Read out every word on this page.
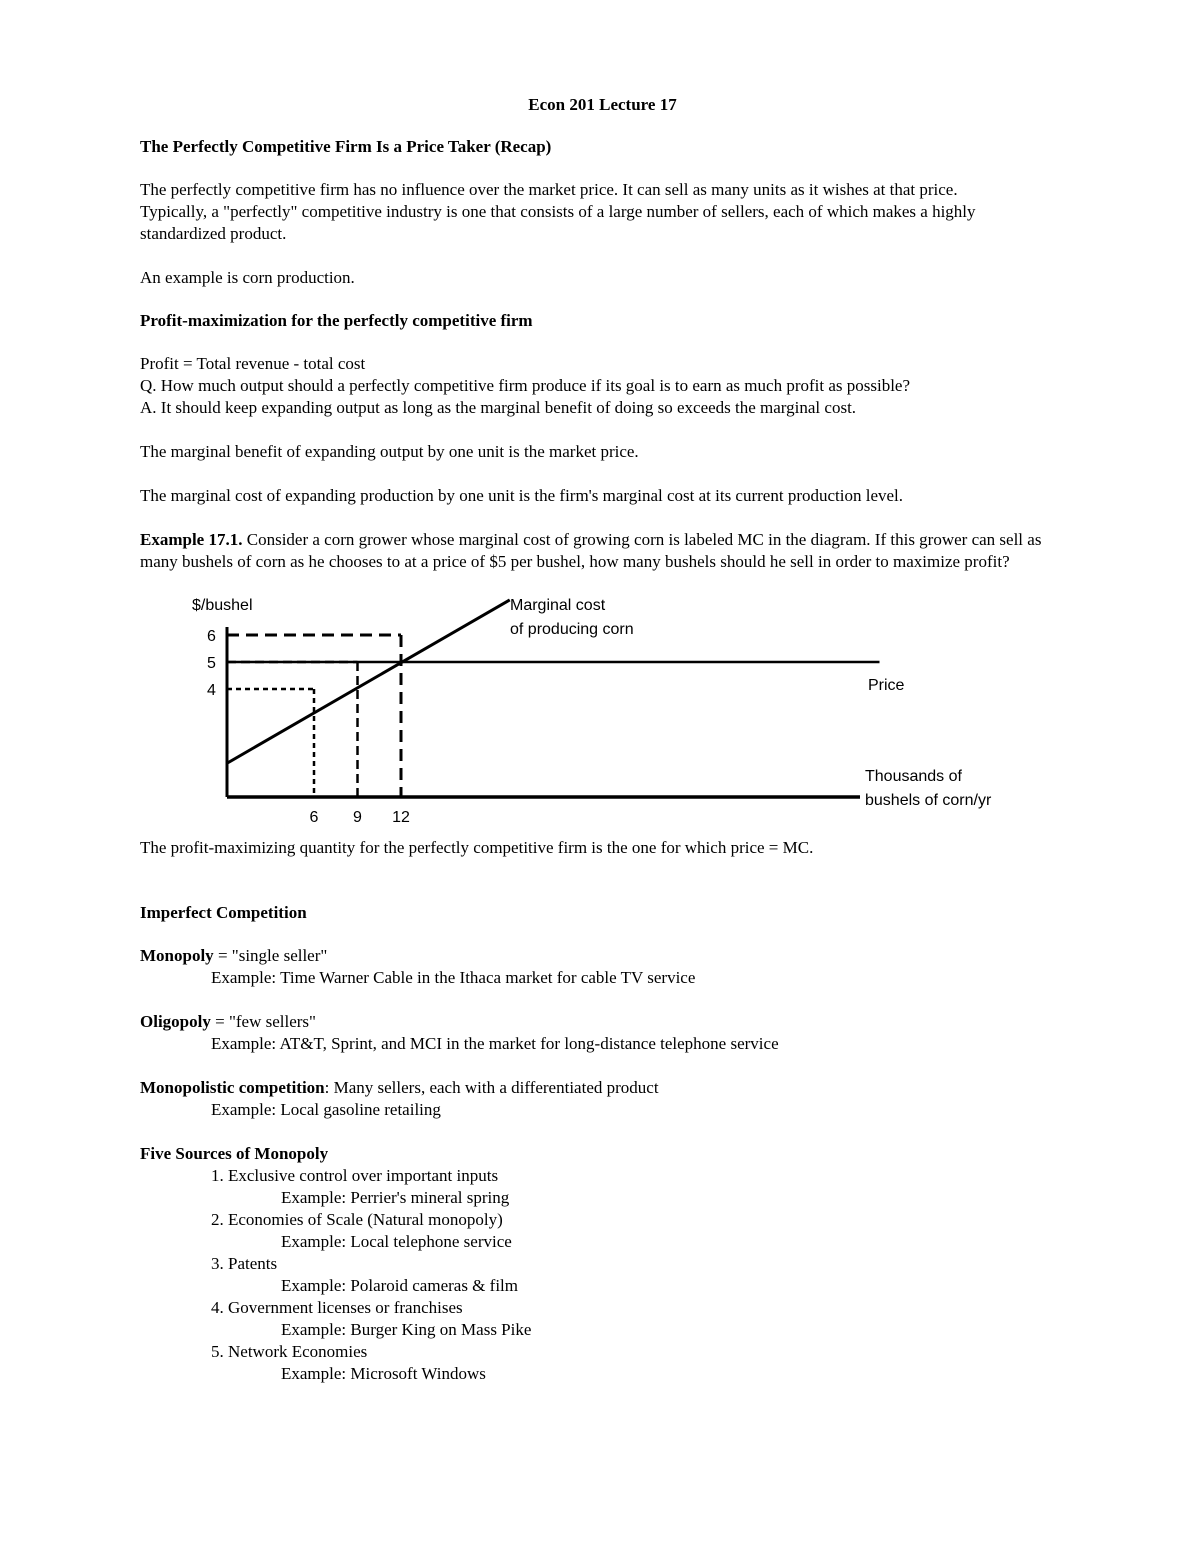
Econ 201 Lecture 17
The Perfectly Competitive Firm Is a Price Taker (Recap)

The perfectly competitive firm has no influence over the market price. It can sell as many units as it wishes at that price.

Typically, a "perfectly" competitive industry is one that consists of a large number of sellers, each of which makes a highly standardized product.

An example is corn production.

Profit-maximization for the perfectly competitive firm

Profit = Total revenue - total cost

Q. How much output should a perfectly competitive firm produce if its goal is to earn as much profit as possible?

A. It should keep expanding output as long as the marginal benefit of doing so exceeds the marginal cost.

The marginal benefit of expanding output by one unit is the market price.

The marginal cost of expanding production by one unit is the firm's marginal cost at its current production level.

Example 17.1. Consider a corn grower whose marginal cost of growing corn is labeled MC in the diagram. If this grower can sell as many bushels of corn as he chooses to at a price of $5 per bushel, how many bushels should he sell in order to maximize profit?

6
5
4
6 9 12
$/bushel	Marginal cost
of producing corn
Price
Thousands of
bushels of corn/yr

The profit-maximizing quantity for the perfectly competitive firm is the one for which price = MC.

Imperfect Competition

Monopoly = "single seller"

Example: Time Warner Cable in the Ithaca market for cable TV service

Oligopoly = "few sellers"

Example: AT&T, Sprint, and MCI in the market for long-distance telephone service

Monopolistic competition: Many sellers, each with a differentiated product

Example: Local gasoline retailing

Five Sources of Monopoly

1. Exclusive control over important inputs

Example: Perrier's mineral spring

2. Economies of Scale (Natural monopoly)

Example: Local telephone service

3. Patents

Example: Polaroid cameras & film

4. Government licenses or franchises

Example: Burger King on Mass Pike

5. Network Economies

Example: Microsoft Windows
